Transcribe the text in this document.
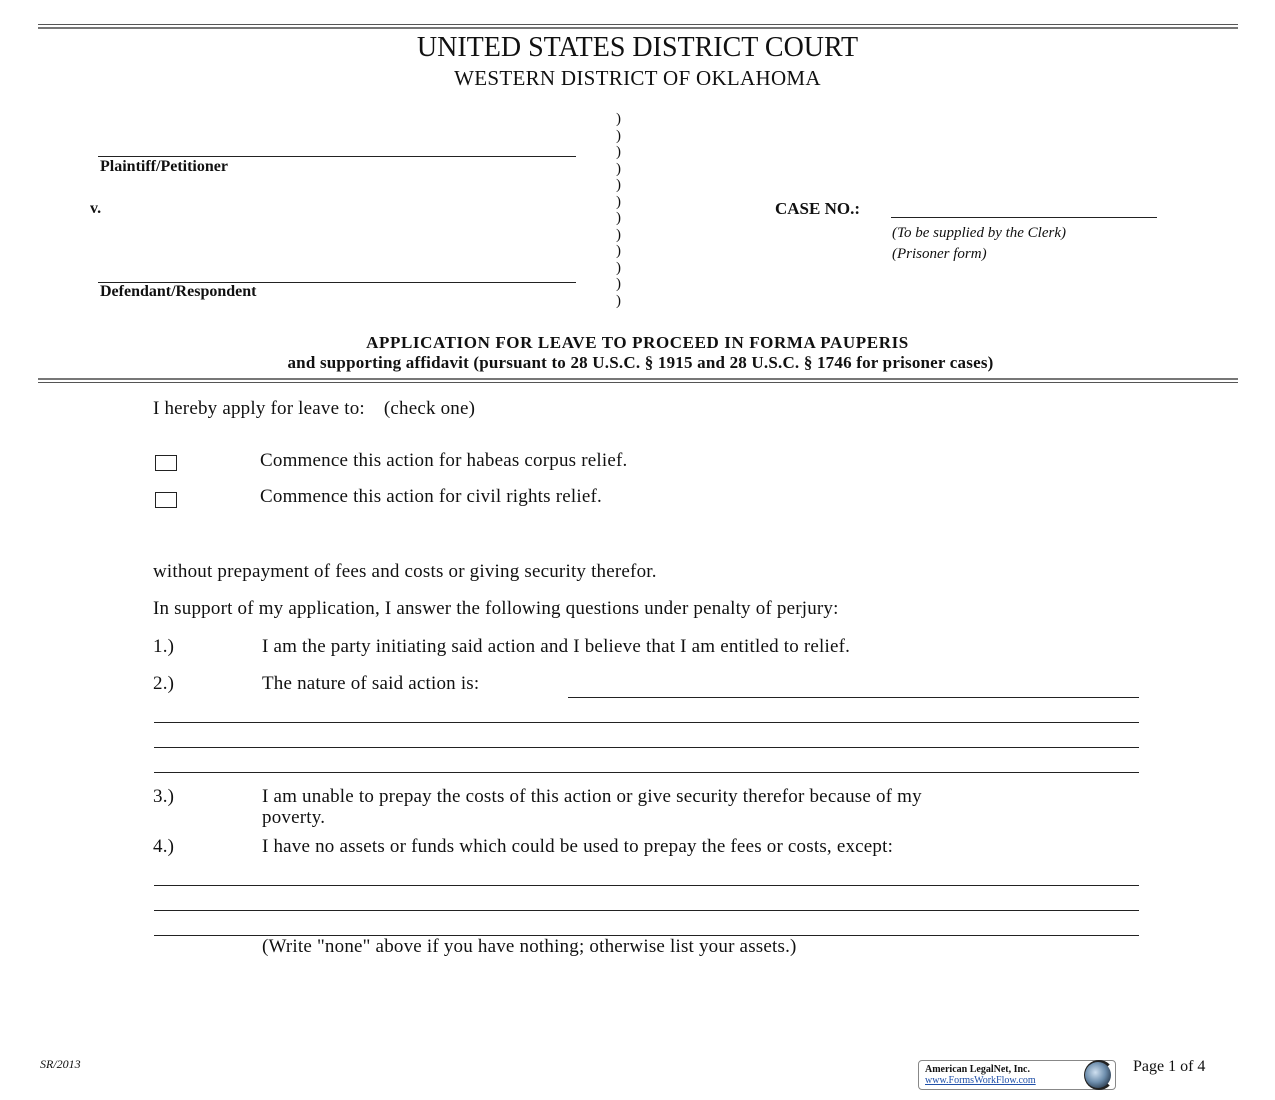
UNITED STATES DISTRICT COURT
WESTERN DISTRICT OF OKLAHOMA
Plaintiff/Petitioner
v.
Defendant/Respondent
)
)
)
)
)
)
)
)
)
)
)
)
CASE NO.:
(To be supplied by the Clerk)
(Prisoner form)
APPLICATION FOR LEAVE TO PROCEED IN FORMA PAUPERIS
and supporting affidavit (pursuant to 28 U.S.C. § 1915 and 28 U.S.C. § 1746 for prisoner cases)
I hereby apply for leave to: (check one)
Commence this action for habeas corpus relief.
Commence this action for civil rights relief.
without prepayment of fees and costs or giving security therefor.
In support of my application, I answer the following questions under penalty of perjury:
1.)	I am the party initiating said action and I believe that I am entitled to relief.
2.)	The nature of said action is:
3.)	I am unable to prepay the costs of this action or give security therefor because of my
poverty.
4.)	I have no assets or funds which could be used to prepay the fees or costs, except:
(Write "none" above if you have nothing; otherwise list your assets.)
SR/2013	American LegalNet, Inc.
www.FormsWorkFlow.com
Page 1 of 4
